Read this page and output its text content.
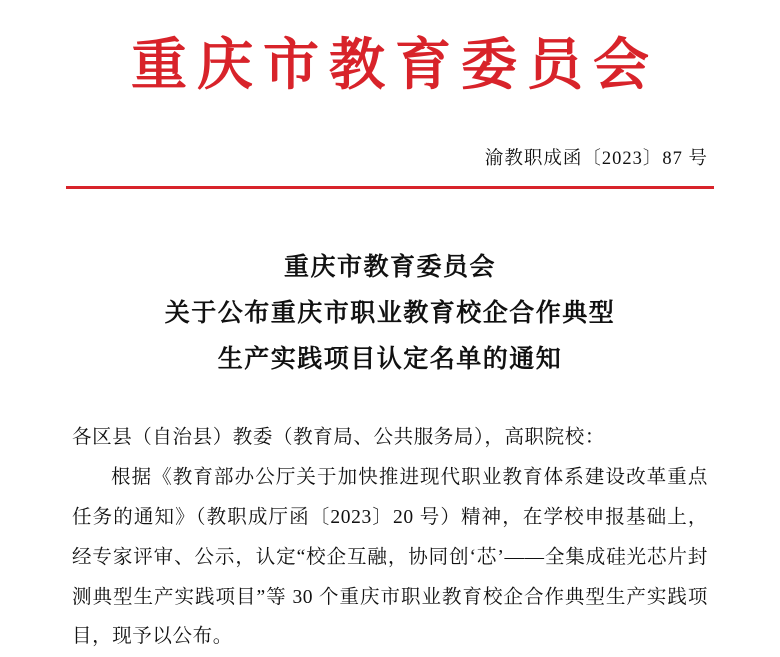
重庆市教育委员会
渝教职成函〔2023〕87 号
重庆市教育委员会
关于公布重庆市职业教育校企合作典型
生产实践项目认定名单的通知

各区县（自治县）教委（教育局、公共服务局），高职院校：

根据《教育部办公厅关于加快推进现代职业教育体系建设改革重点任务的通知》（教职成厅函〔2023〕20 号）精神，在学校申报基础上，经专家评审、公示，认定“校企互融，协同创‘芯’——全集成硅光芯片封测典型生产实践项目”等 30 个重庆市职业教育校企合作典型生产实践项目，现予以公布。
